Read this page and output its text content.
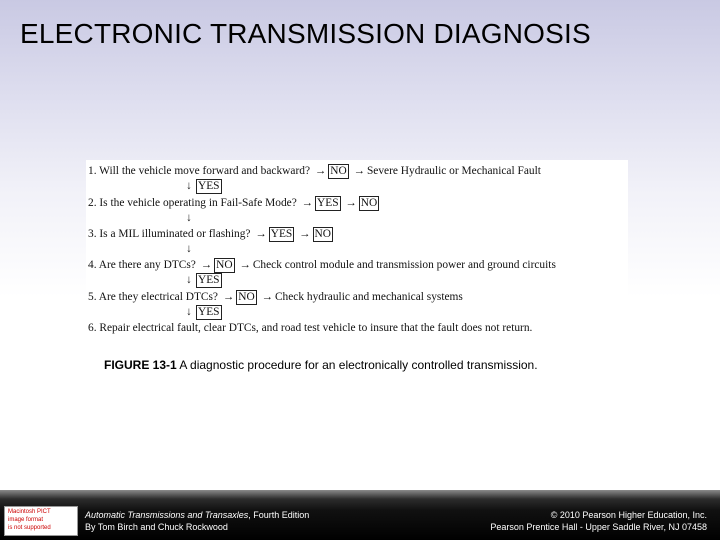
ELECTRONIC TRANSMISSION DIAGNOSIS
1. Will the vehicle move forward and backward? → NO → Severe Hydraulic or Mechanical Fault
↓ YES
2. Is the vehicle operating in Fail-Safe Mode? → YES → NO
↓
3. Is a MIL illuminated or flashing? → YES → NO
↓
4. Are there any DTCs? → NO → Check control module and transmission power and ground circuits
↓ YES
5. Are they electrical DTCs? → NO → Check hydraulic and mechanical systems
↓ YES
6. Repair electrical fault, clear DTCs, and road test vehicle to insure that the fault does not return.
FIGURE 13-1 A diagnostic procedure for an electronically controlled transmission.
Macintosh PICT
image format
is not supported
Automatic Transmissions and Transaxles, Fourth Edition
By Tom Birch and Chuck Rockwood
© 2010 Pearson Higher Education, Inc.
Pearson Prentice Hall - Upper Saddle River, NJ 07458
